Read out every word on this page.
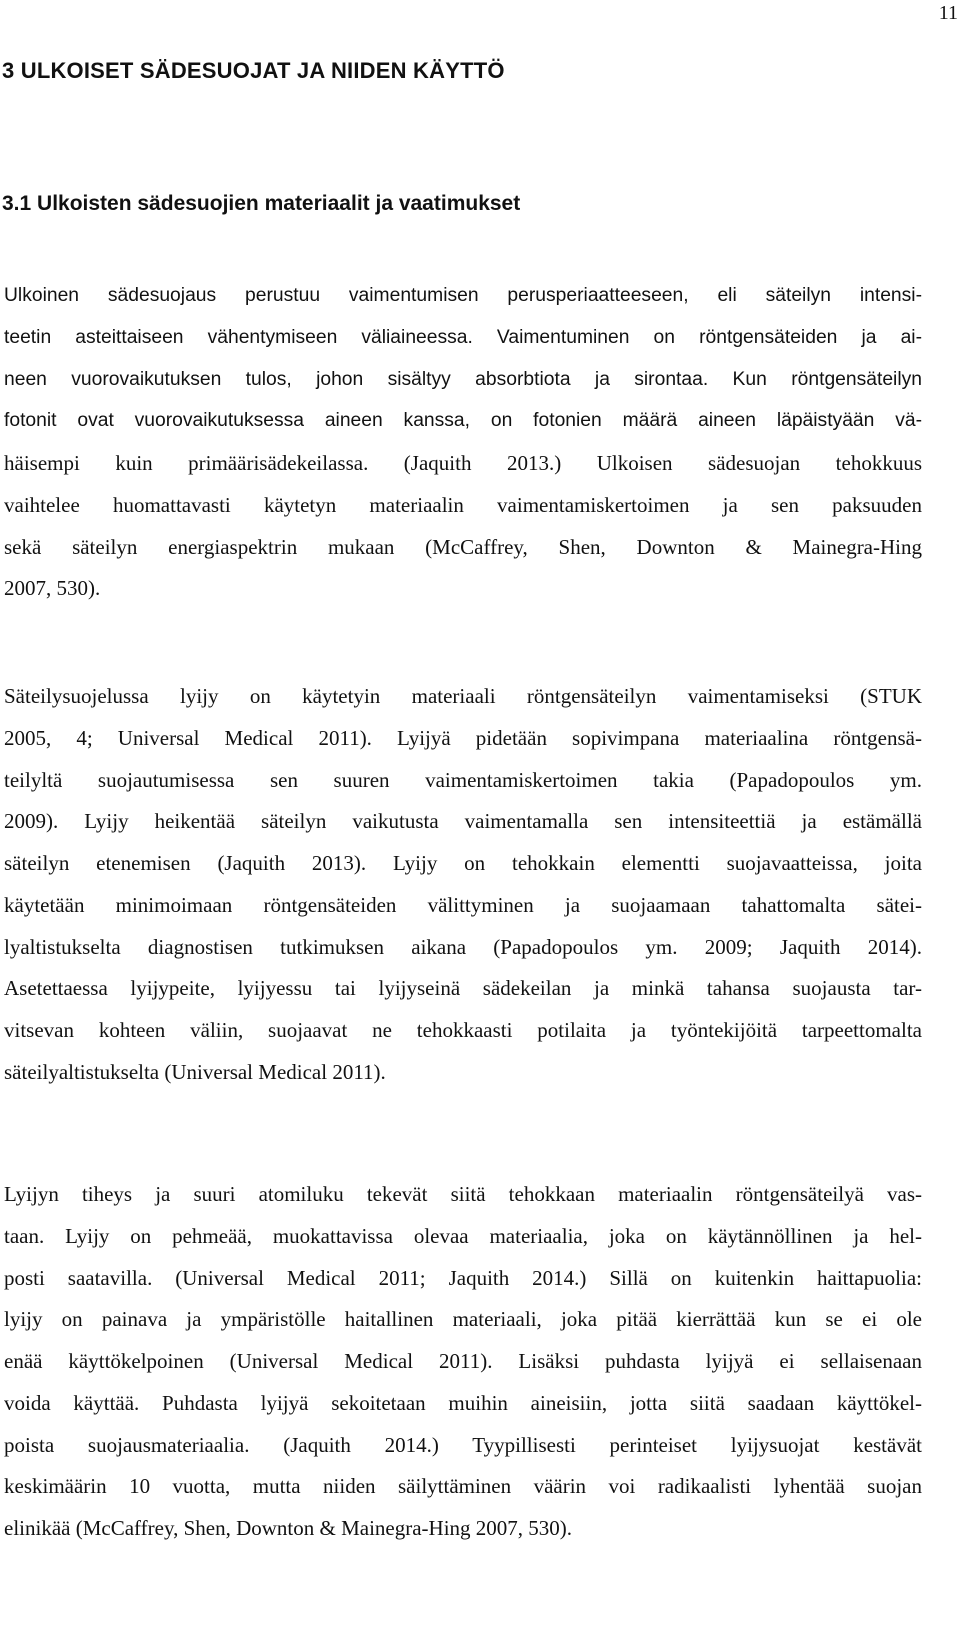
11
3 ULKOISET SÄDESUOJAT JA NIIDEN KÄYTTÖ
3.1 Ulkoisten sädesuojien materiaalit ja vaatimukset

Ulkoinen sädesuojaus perustuu vaimentumisen perusperiaatteeseen, eli säteilyn intensi-

teetin asteittaiseen vähentymiseen väliaineessa. Vaimentuminen on röntgensäteiden ja ai-

neen vuorovaikutuksen tulos, johon sisältyy absorbtiota ja sirontaa. Kun röntgensäteilyn

fotonit ovat vuorovaikutuksessa aineen kanssa, on fotonien määrä aineen läpäistyään vä-

häisempi kuin primäärisädekeilassa. (Jaquith 2013.) Ulkoisen sädesuojan tehokkuus

vaihtelee huomattavasti käytetyn materiaalin vaimentamiskertoimen ja sen paksuuden

sekä säteilyn energiaspektrin mukaan (McCaffrey, Shen, Downton & Mainegra-Hing

2007, 530).

Säteilysuojelussa lyijy on käytetyin materiaali röntgensäteilyn vaimentamiseksi (STUK

2005, 4; Universal Medical 2011). Lyijyä pidetään sopivimpana materiaalina röntgensä-

teilyltä suojautumisessa sen suuren vaimentamiskertoimen takia (Papadopoulos ym.

2009). Lyijy heikentää säteilyn vaikutusta vaimentamalla sen intensiteettiä ja estämällä

säteilyn etenemisen (Jaquith 2013). Lyijy on tehokkain elementti suojavaatteissa, joita

käytetään minimoimaan röntgensäteiden välittyminen ja suojaamaan tahattomalta sätei-

lyaltistukselta diagnostisen tutkimuksen aikana (Papadopoulos ym. 2009; Jaquith 2014).

Asetettaessa lyijypeite, lyijyessu tai lyijyseinä sädekeilan ja minkä tahansa suojausta tar-

vitsevan kohteen väliin, suojaavat ne tehokkaasti potilaita ja työntekijöitä tarpeettomalta

säteilyaltistukselta (Universal Medical 2011).

Lyijyn tiheys ja suuri atomiluku tekevät siitä tehokkaan materiaalin röntgensäteilyä vas-

taan. Lyijy on pehmeää, muokattavissa olevaa materiaalia, joka on käytännöllinen ja hel-

posti saatavilla. (Universal Medical 2011; Jaquith 2014.) Sillä on kuitenkin haittapuolia:

lyijy on painava ja ympäristölle haitallinen materiaali, joka pitää kierrättää kun se ei ole

enää käyttökelpoinen (Universal Medical 2011). Lisäksi puhdasta lyijyä ei sellaisenaan

voida käyttää. Puhdasta lyijyä sekoitetaan muihin aineisiin, jotta siitä saadaan käyttökel-

poista suojausmateriaalia. (Jaquith 2014.) Tyypillisesti perinteiset lyijysuojat kestävät

keskimäärin 10 vuotta, mutta niiden säilyttäminen väärin voi radikaalisti lyhentää suojan

elinikää (McCaffrey, Shen, Downton & Mainegra-Hing 2007, 530).
